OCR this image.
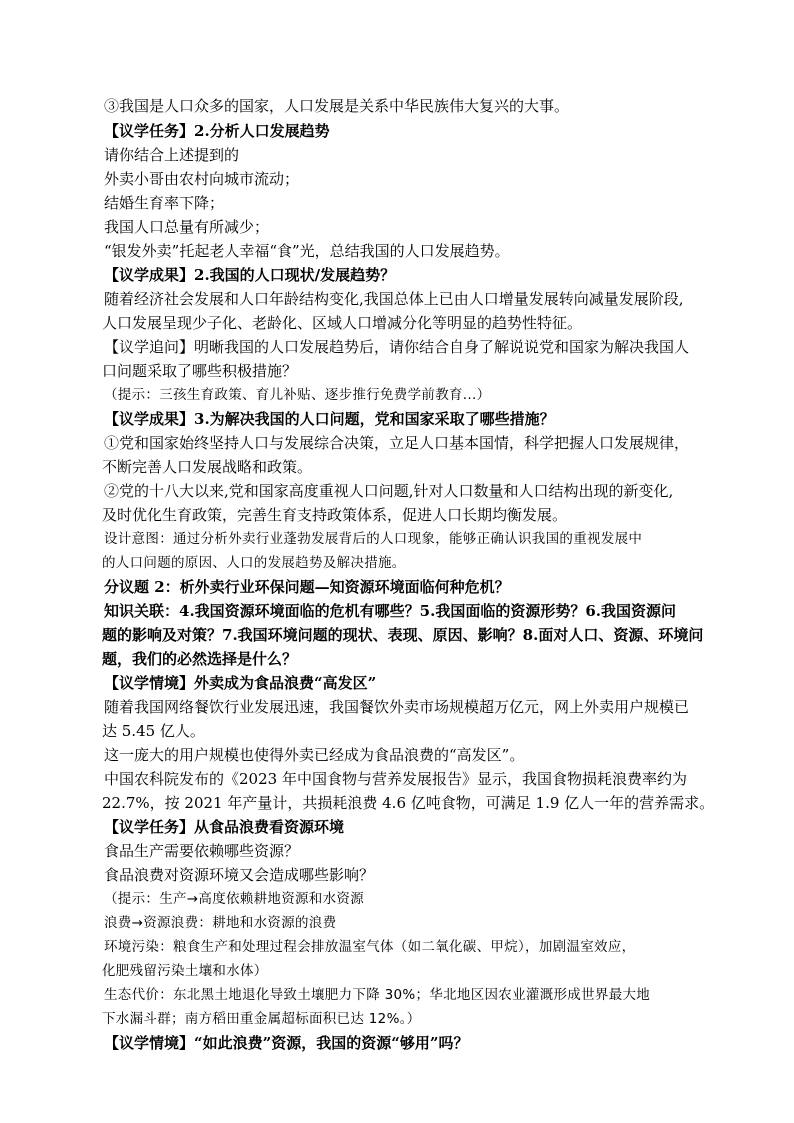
③我国是人口众多的国家，人口发展是关系中华民族伟大复兴的大事。
【议学任务】2.分析人口发展趋势
请你结合上述提到的
外卖小哥由农村向城市流动；
结婚生育率下降；
我国人口总量有所减少；
“银发外卖”托起老人幸福“食”光，总结我国的人口发展趋势。
【议学成果】2.我国的人口现状/发展趋势？
随着经济社会发展和人口年龄结构变化,我国总体上已由人口增量发展转向减量发展阶段,
人口发展呈现少子化、老龄化、区域人口增减分化等明显的趋势性特征。
【议学追问】明晰我国的人口发展趋势后，请你结合自身了解说说党和国家为解决我国人
口问题采取了哪些积极措施？
（提示：三孩生育政策、育儿补贴、逐步推行免费学前教育...）
【议学成果】3.为解决我国的人口问题，党和国家采取了哪些措施？
①党和国家始终坚持人口与发展综合决策，立足人口基本国情，科学把握人口发展规律，
不断完善人口发展战略和政策。
②党的十八大以来,党和国家高度重视人口问题,针对人口数量和人口结构出现的新变化,
及时优化生育政策，完善生育支持政策体系，促进人口长期均衡发展。
设计意图：通过分析外卖行业蓬勃发展背后的人口现象，能够正确认识我国的重视发展中
的人口问题的原因、人口的发展趋势及解决措施。
分议题 2：析外卖行业环保问题—知资源环境面临何种危机？
知识关联：4.我国资源环境面临的危机有哪些？5.我国面临的资源形势？6.我国资源问
题的影响及对策？7.我国环境问题的现状、表现、原因、影响？8.面对人口、资源、环境问
题，我们的必然选择是什么？
【议学情境】外卖成为食品浪费“高发区”
随着我国网络餐饮行业发展迅速，我国餐饮外卖市场规模超万亿元，网上外卖用户规模已
达 5.45 亿人。
这一庞大的用户规模也使得外卖已经成为食品浪费的“高发区”。
中国农科院发布的《2023 年中国食物与营养发展报告》显示，我国食物损耗浪费率约为
22.7%，按 2021 年产量计，共损耗浪费 4.6 亿吨食物，可满足 1.9 亿人一年的营养需求。
【议学任务】从食品浪费看资源环境
食品生产需要依赖哪些资源？
食品浪费对资源环境又会造成哪些影响？
（提示：生产→高度依赖耕地资源和水资源
浪费→资源浪费：耕地和水资源的浪费
环境污染：粮食生产和处理过程会排放温室气体（如二氧化碳、甲烷），加剧温室效应，
化肥残留污染土壤和水体）
生态代价：东北黑土地退化导致土壤肥力下降 30%；华北地区因农业灌溉形成世界最大地
下水漏斗群；南方稻田重金属超标面积已达 12%。）
【议学情境】“如此浪费”资源，我国的资源“够用”吗？
